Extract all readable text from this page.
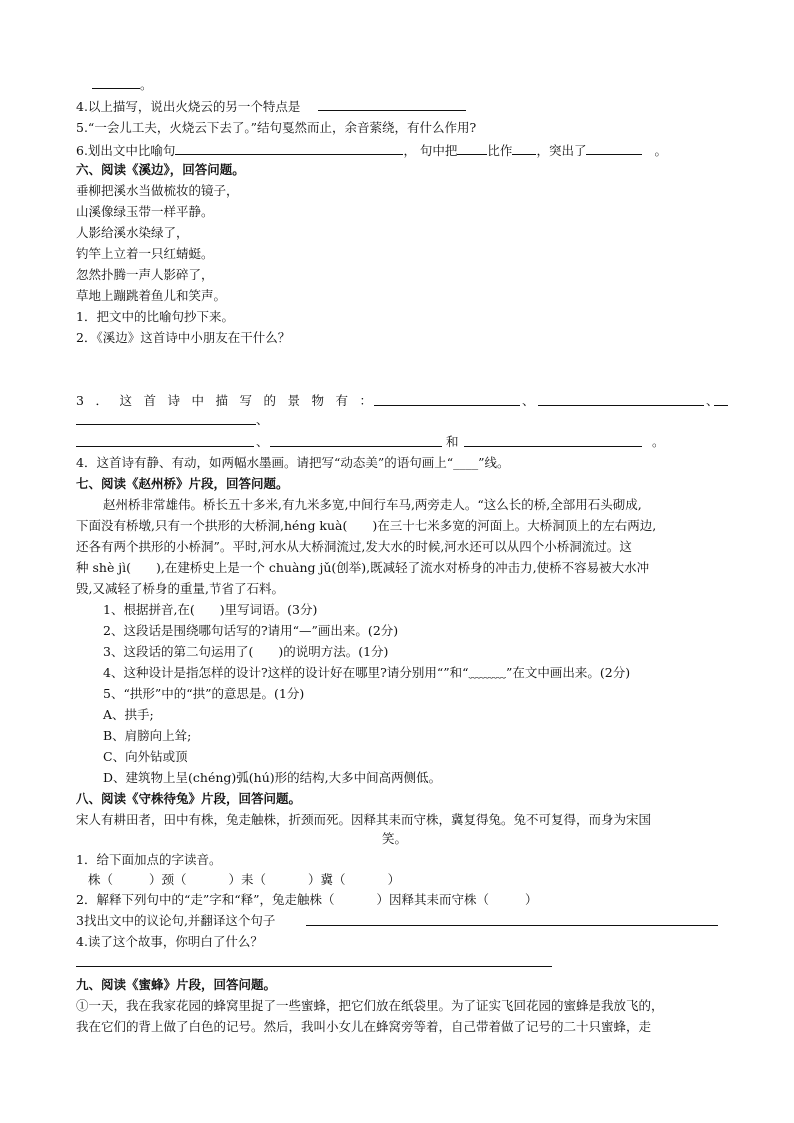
。
4.以上描写，说出火烧云的另一个特点是
5.“一会儿工夫，火烧云下去了。”结句戛然而止，余音萦绕，有什么作用?
6.划出文中比喻句	， 句中把 比作 ，突出了	。
六、阅读《溪边》，回答问题。
垂柳把溪水当做梳妆的镜子，
山溪像绿玉带一样平静。
人影给溪水染绿了，
钓竿上立着一只红蜻蜓。
忽然扑腾一声人影碎了，
草地上蹦跳着鱼儿和笑声。
1．把文中的比喻句抄下来。
2．《溪边》这首诗中小朋友在干什么？
3．这首诗中描写的景物有：	、	、
、
、	和	。
4．这首诗有静、有动，如两幅水墨画。请把写“动态美”的语句画上“____”线。
七、阅读《赵州桥》片段，回答问题。
赵州桥非常雄伟。桥长五十多米,有九米多宽,中间行车马,两旁走人。“这么长的桥,全部用石头砌成,
下面没有桥墩,只有一个拱形的大桥洞,héng kuà(　　)在三十七米多宽的河面上。大桥洞顶上的左右两边,
还各有两个拱形的小桥洞”。平时,河水从大桥洞流过,发大水的时候,河水还可以从四个小桥洞流过。这
种 shè jì(　　),在建桥史上是一个 chuàng jǔ(创举),既减轻了流水对桥身的冲击力,使桥不容易被大水冲
毁,又减轻了桥身的重量,节省了石料。
1、根据拼音,在(　　)里写词语。(3分)
2、这段话是围绕哪句话写的?请用“—”画出来。(2分)
3、这段话的第二句运用了(　　)的说明方法。(1分)
4、这种设计是指怎样的设计?这样的设计好在哪里?请分别用“”和“﹏﹏﹏”在文中画出来。(2分)
5、“拱形”中的“拱”的意思是。(1分)
A、拱手;
B、肩膀向上耸;
C、向外钻或顶
D、建筑物上呈(chéng)弧(hú)形的结构,大多中间高两侧低。
八、阅读《守株待兔》片段，回答问题。
宋人有耕田者，田中有株，兔走触株，折颈而死。因释其耒而守株，冀复得兔。兔不可复得，而身为宋国
笑。
1．给下面加点的字读音。
株（	）颈（	）耒（	）冀（	）
2．解释下列句中的“走”字和“释”，兔走触株（	）因释其耒而守株（	）
3找出文中的议论句,并翻译这个句子
4.读了这个故事，你明白了什么？
九、阅读《蜜蜂》片段，回答问题。
①一天，我在我家花园的蜂窝里捉了一些蜜蜂，把它们放在纸袋里。为了证实飞回花园的蜜蜂是我放飞的，
我在它们的背上做了白色的记号。然后，我叫小女儿在蜂窝旁等着，自己带着做了记号的二十只蜜蜂，走
